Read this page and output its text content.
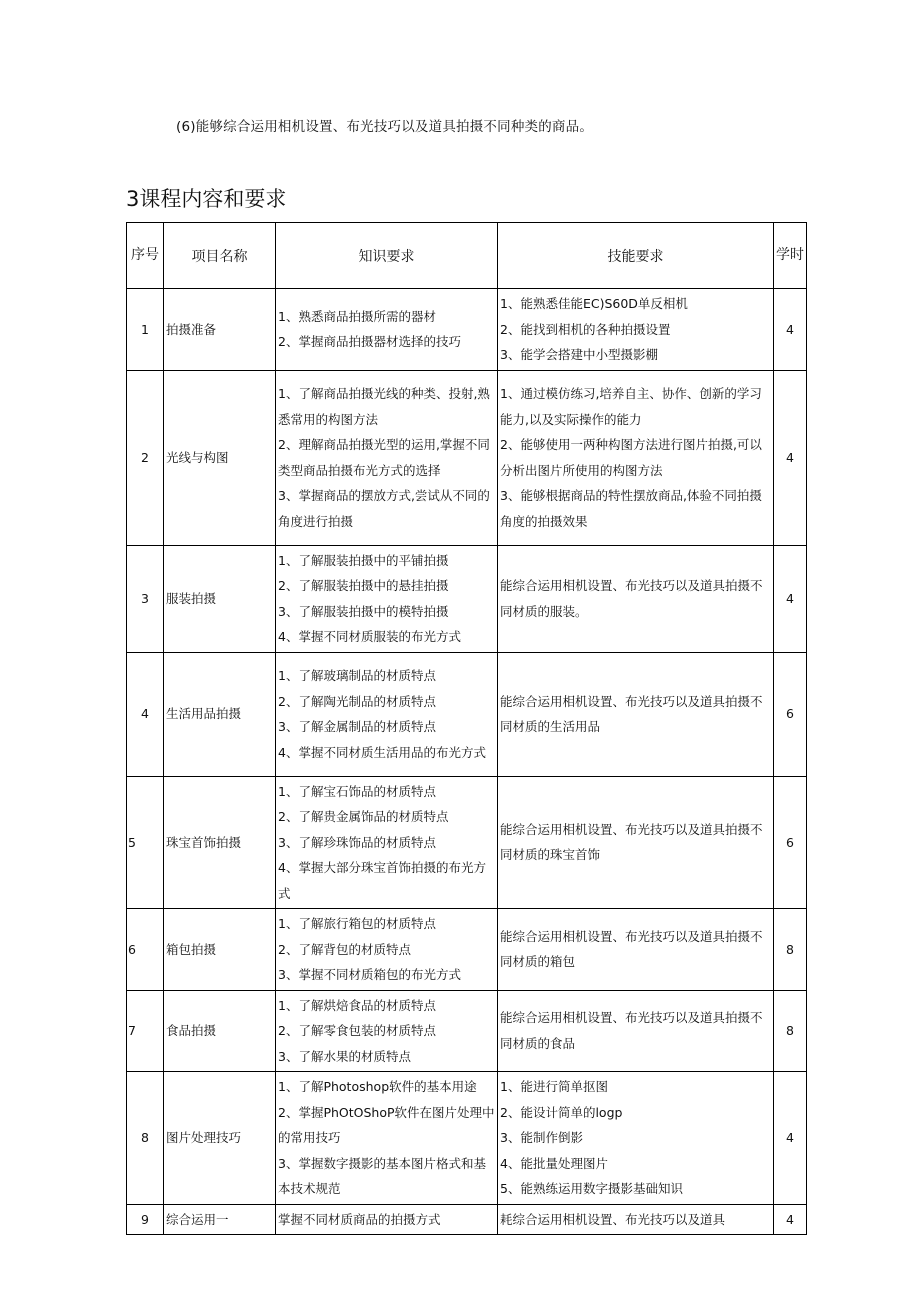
(6)能够综合运用相机设置、布光技巧以及道具拍摄不同种类的商品。

3课程内容和要求
序号	项目名称	知识要求	技能要求	学时
1	拍摄准备	1、熟悉商品拍摄所需的器材
2、掌握商品拍摄器材选择的技巧	1、能熟悉佳能EC)S60D单反相机
2、能找到相机的各种拍摄设置
3、能学会搭建中小型摄影棚	4
2	光线与构图	1、了解商品拍摄光线的种类、投射,熟悉常用的构图方法
2、理解商品拍摄光型的运用,掌握不同类型商品拍摄布光方式的选择
3、掌握商品的摆放方式,尝试从不同的角度进行拍摄	1、通过模仿练习,培养自主、协作、创新的学习能力,以及实际操作的能力
2、能够使用一两种构图方法进行图片拍摄,可以分析出图片所使用的构图方法
3、能够根据商品的特性摆放商品,体验不同拍摄角度的拍摄效果	4
3	服装拍摄	1、了解服装拍摄中的平铺拍摄
2、了解服装拍摄中的悬挂拍摄
3、了解服装拍摄中的模特拍摄
4、掌握不同材质服装的布光方式	能综合运用相机设置、布光技巧以及道具拍摄不同材质的服装。	4
4	生活用品拍摄	1、了解玻璃制品的材质特点
2、了解陶光制品的材质特点
3、了解金属制品的材质特点
4、掌握不同材质生活用品的布光方式	能综合运用相机设置、布光技巧以及道具拍摄不同材质的生活用品	6
5	珠宝首饰拍摄	1、了解宝石饰品的材质特点
2、了解贵金属饰品的材质特点
3、了解珍珠饰品的材质特点
4、掌握大部分珠宝首饰拍摄的布光方式	能综合运用相机设置、布光技巧以及道具拍摄不同材质的珠宝首饰	6
6	箱包拍摄	1、了解旅行箱包的材质特点
2、了解背包的材质特点
3、掌握不同材质箱包的布光方式	能综合运用相机设置、布光技巧以及道具拍摄不同材质的箱包	8
7	食品拍摄	1、了解烘焙食品的材质特点
2、了解零食包装的材质特点
3、了解水果的材质特点	能综合运用相机设置、布光技巧以及道具拍摄不同材质的食品	8
8	图片处理技巧	1、了解Photoshop软件的基本用途2、掌握PhOtOShoP软件在图片处理中的常用技巧
3、掌握数字摄影的基本图片格式和基本技术规范	1、能进行简单抠图
2、能设计简单的logp
3、能制作倒影
4、能批量处理图片
5、能熟练运用数字摄影基础知识	4
9	综合运用一	掌握不同材质商品的拍摄方式	耗综合运用相机设置、布光技巧以及道具	4
